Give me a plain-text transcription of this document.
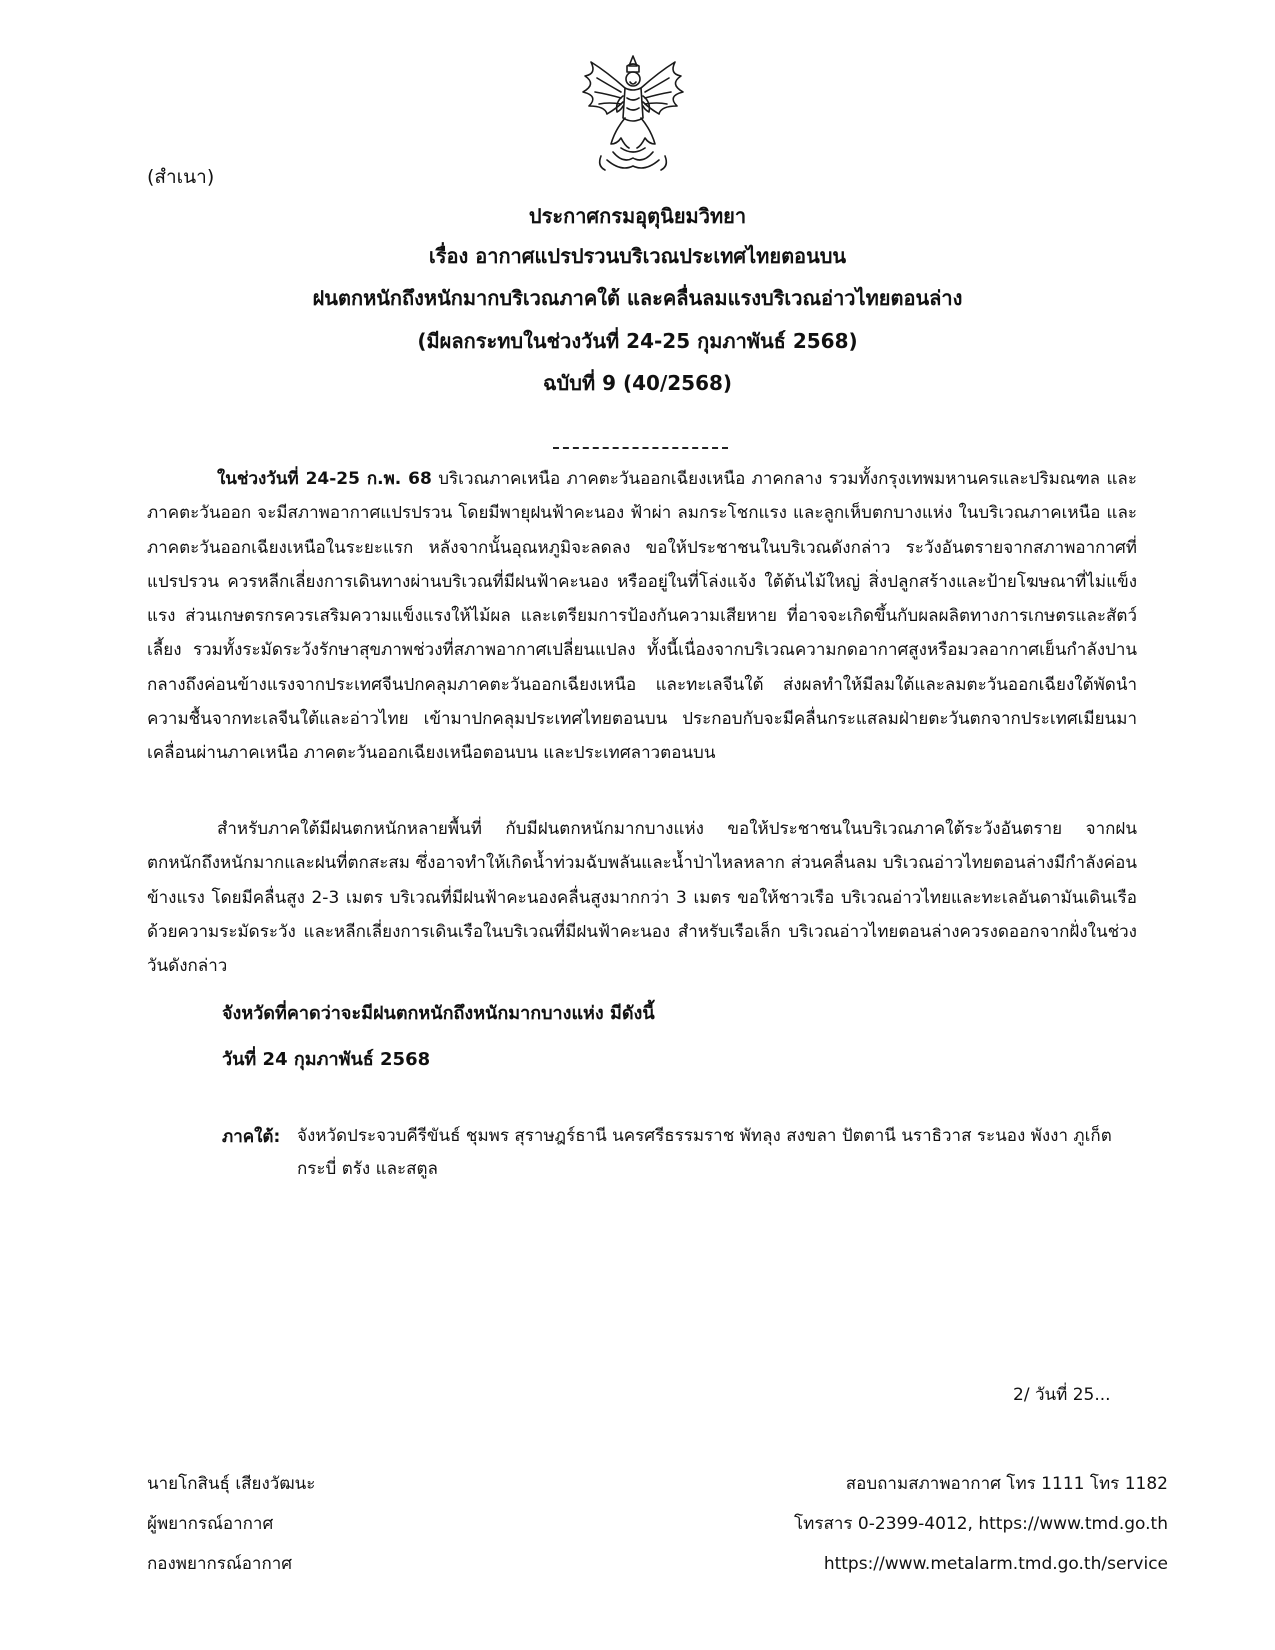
(สำเนา)
ประกาศกรมอุตุนิยมวิทยา
เรื่อง อากาศแปรปรวนบริเวณประเทศไทยตอนบน
ฝนตกหนักถึงหนักมากบริเวณภาคใต้ และคลื่นลมแรงบริเวณอ่าวไทยตอนล่าง
(มีผลกระทบในช่วงวันที่ 24-25 กุมภาพันธ์ 2568)
ฉบับที่ 9 (40/2568)

ในช่วงวันที่ 24-25 ก.พ. 68 บริเวณภาคเหนือ ภาคตะวันออกเฉียงเหนือ ภาคกลาง รวมทั้งกรุงเทพมหานครและปริมณฑล และภาคตะวันออก จะมีสภาพอากาศแปรปรวน โดยมีพายุฝนฟ้าคะนอง ฟ้าผ่า ลมกระโชกแรง และลูกเห็บตกบางแห่ง ในบริเวณภาคเหนือ และภาคตะวันออกเฉียงเหนือในระยะแรก หลังจากนั้นอุณหภูมิจะลดลง ขอให้ประชาชนในบริเวณดังกล่าว ระวังอันตรายจากสภาพอากาศที่แปรปรวน ควรหลีกเลี่ยงการเดินทางผ่านบริเวณที่มีฝนฟ้าคะนอง หรืออยู่ในที่โล่งแจ้ง ใต้ต้นไม้ใหญ่ สิ่งปลูกสร้างและป้ายโฆษณาที่ไม่แข็งแรง ส่วนเกษตรกรควรเสริมความแข็งแรงให้ไม้ผล และเตรียมการป้องกันความเสียหาย ที่อาจจะเกิดขึ้นกับผลผลิตทางการเกษตรและสัตว์เลี้ยง รวมทั้งระมัดระวังรักษาสุขภาพช่วงที่สภาพอากาศเปลี่ยนแปลง ทั้งนี้เนื่องจากบริเวณความกดอากาศสูงหรือมวลอากาศเย็นกำลังปานกลางถึงค่อนข้างแรงจากประเทศจีนปกคลุมภาคตะวันออกเฉียงเหนือ และทะเลจีนใต้ ส่งผลทำให้มีลมใต้และลมตะวันออกเฉียงใต้พัดนำความชื้นจากทะเลจีนใต้และอ่าวไทย เข้ามาปกคลุมประเทศไทยตอนบน ประกอบกับจะมีคลื่นกระแสลมฝ่ายตะวันตกจากประเทศเมียนมาเคลื่อนผ่านภาคเหนือ ภาคตะวันออกเฉียงเหนือตอนบน และประเทศลาวตอนบน

สำหรับภาคใต้มีฝนตกหนักหลายพื้นที่ กับมีฝนตกหนักมากบางแห่ง ขอให้ประชาชนในบริเวณภาคใต้ระวังอันตราย จากฝนตกหนักถึงหนักมากและฝนที่ตกสะสม ซึ่งอาจทำให้เกิดน้ำท่วมฉับพลันและน้ำป่าไหลหลาก ส่วนคลื่นลม บริเวณอ่าวไทยตอนล่างมีกำลังค่อนข้างแรง โดยมีคลื่นสูง 2-3 เมตร บริเวณที่มีฝนฟ้าคะนองคลื่นสูงมากกว่า 3 เมตร ขอให้ชาวเรือ บริเวณอ่าวไทยและทะเลอันดามันเดินเรือด้วยความระมัดระวัง และหลีกเลี่ยงการเดินเรือในบริเวณที่มีฝนฟ้าคะนอง สำหรับเรือเล็ก บริเวณอ่าวไทยตอนล่างควรงดออกจากฝั่งในช่วงวันดังกล่าว

จังหวัดที่คาดว่าจะมีฝนตกหนักถึงหนักมากบางแห่ง มีดังนี้
วันที่ 24 กุมภาพันธ์ 2568
ภาคใต้: จังหวัดประจวบคีรีขันธ์ ชุมพร สุราษฎร์ธานี นครศรีธรรมราช พัทลุง สงขลา ปัตตานี นราธิวาส ระนอง พังงา ภูเก็ต กระบี่ ตรัง และสตูล

2/ วันที่ 25...
นายโกสินธุ์ เสียงวัฒนะ
ผู้พยากรณ์อากาศ
กองพยากรณ์อากาศ
สอบถามสภาพอากาศ โทร 1111 โทร 1182
โทรสาร 0-2399-4012, https://www.tmd.go.th
https://www.metalarm.tmd.go.th/service
